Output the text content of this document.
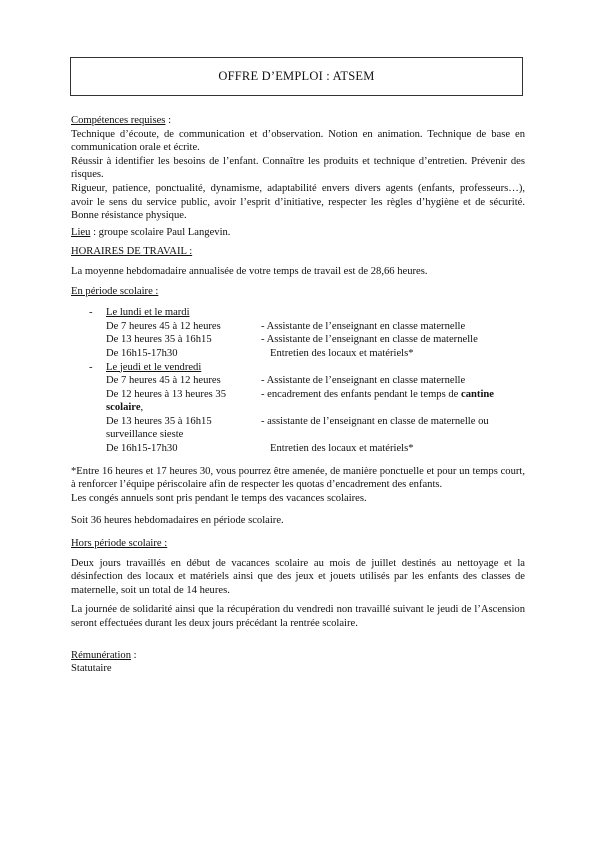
OFFRE D’EMPLOI : ATSEM

Compétences requises :

Technique d’écoute, de communication et d’observation. Notion en animation. Technique de base en communication orale et écrite.

Réussir à identifier les besoins de l’enfant. Connaître les produits et technique d’entretien. Prévenir des risques.

Rigueur, patience, ponctualité, dynamisme, adaptabilité envers divers agents (enfants, professeurs…), avoir le sens du service public, avoir l’esprit d’initiative, respecter les règles d’hygiène et de sécurité. Bonne résistance physique.

Lieu : groupe scolaire Paul Langevin.

HORAIRES DE TRAVAIL :

La moyenne hebdomadaire annualisée de votre temps de travail est de 28,66 heures.

En période scolaire :

-	Le lundi et le mardi
De 7 heures 45 à 12 heures	- Assistante de l’enseignant en classe maternelle
De 13 heures 35 à 16h15	- Assistante de l’enseignant en classe de maternelle
De 16h15-17h30	Entretien des locaux et matériels*
-	Le jeudi et le vendredi
De 7 heures 45 à 12 heures	- Assistante de l’enseignant en classe maternelle
De 12 heures à 13 heures 35	- encadrement des enfants pendant le temps de cantine
scolaire,
De 13 heures 35 à 16h15	- assistante de l’enseignant en classe de maternelle ou
surveillance sieste
De 16h15-17h30	Entretien des locaux et matériels*

*Entre 16 heures et 17 heures 30, vous pourrez être amenée, de manière ponctuelle et pour un temps court, à renforcer l’équipe périscolaire afin de respecter les quotas d’encadrement des enfants.

Les congés annuels sont pris pendant le temps des vacances scolaires.

Soit 36 heures hebdomadaires en période scolaire.

Hors période scolaire :

Deux jours travaillés en début de vacances scolaire au mois de juillet destinés au nettoyage et la désinfection des locaux et matériels ainsi que des jeux et jouets utilisés par les enfants des classes de maternelle, soit un total de 14 heures.

La journée de solidarité ainsi que la récupération du vendredi non travaillé suivant le jeudi de l’Ascension seront effectuées durant les deux jours précédant la rentrée scolaire.

Rémunération :

Statutaire
